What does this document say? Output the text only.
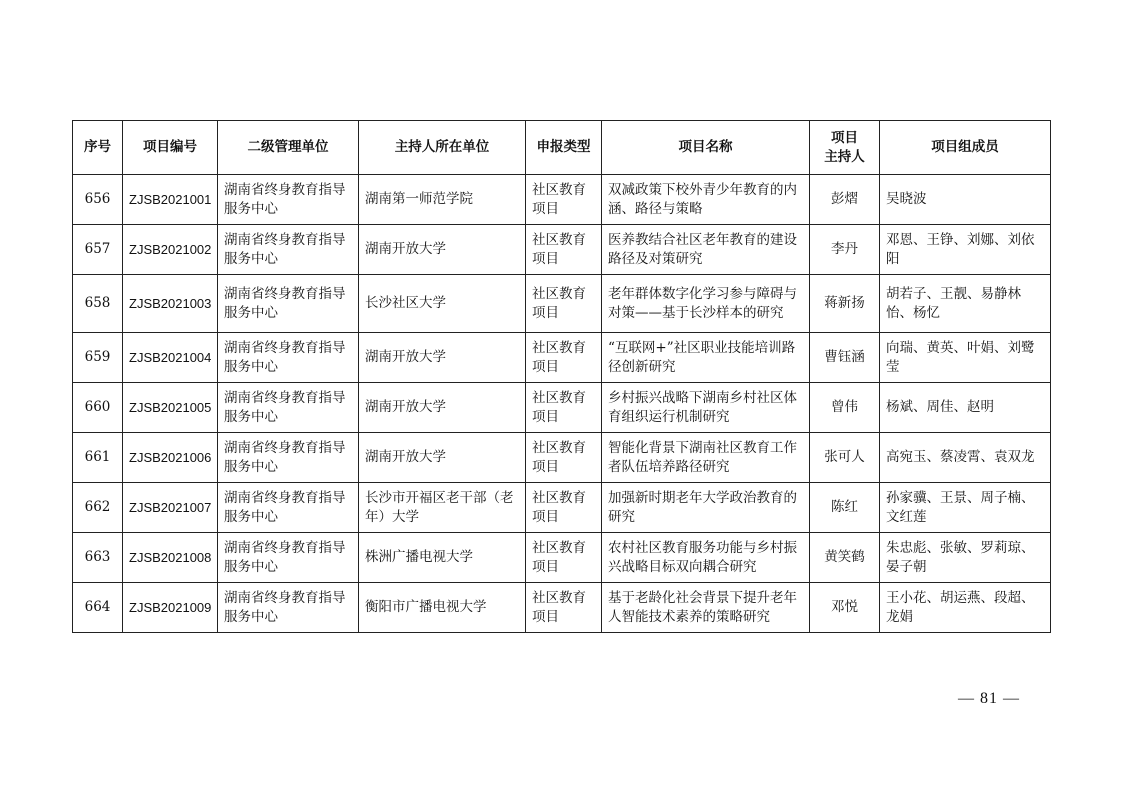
序号	项目编号	二级管理单位	主持人所在单位	申报类型	项目名称	项目
主持人	项目组成员
656	ZJSB2021001	湖南省终身教育指导服务中心	湖南第一师范学院	社区教育项目	双减政策下校外青少年教育的内涵、路径与策略	彭熠	吴晓波
657	ZJSB2021002	湖南省终身教育指导服务中心	湖南开放大学	社区教育项目	医养教结合社区老年教育的建设路径及对策研究	李丹	邓恩、王铮、刘娜、刘依阳
658	ZJSB2021003	湖南省终身教育指导服务中心	长沙社区大学	社区教育项目	老年群体数字化学习参与障碍与对策——基于长沙样本的研究	蒋新扬	胡若子、王靓、易静林怡、杨忆
659	ZJSB2021004	湖南省终身教育指导服务中心	湖南开放大学	社区教育项目	“互联网+”社区职业技能培训路径创新研究	曹钰涵	向瑞、黄英、叶娟、刘鹭莹
660	ZJSB2021005	湖南省终身教育指导服务中心	湖南开放大学	社区教育项目	乡村振兴战略下湖南乡村社区体育组织运行机制研究	曾伟	杨斌、周佳、赵明
661	ZJSB2021006	湖南省终身教育指导服务中心	湖南开放大学	社区教育项目	智能化背景下湖南社区教育工作者队伍培养路径研究	张可人	高宛玉、蔡凌霄、袁双龙
662	ZJSB2021007	湖南省终身教育指导服务中心	长沙市开福区老干部（老年）大学	社区教育项目	加强新时期老年大学政治教育的研究	陈红	孙家骥、王景、周子楠、文红莲
663	ZJSB2021008	湖南省终身教育指导服务中心	株洲广播电视大学	社区教育项目	农村社区教育服务功能与乡村振兴战略目标双向耦合研究	黄笑鹤	朱忠彪、张敏、罗莉琼、晏子朝
664	ZJSB2021009	湖南省终身教育指导服务中心	衡阳市广播电视大学	社区教育项目	基于老龄化社会背景下提升老年人智能技术素养的策略研究	邓悦	王小花、胡运燕、段超、龙娟
— 81 —
